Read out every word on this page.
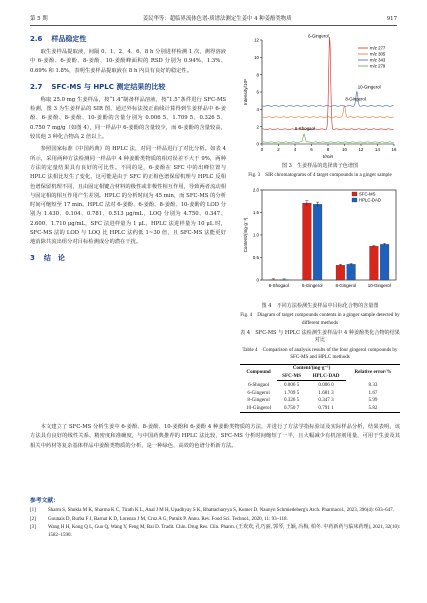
第 5 期	姜民华等：超临界流体色谱-质谱法测定生姜中 4 种姜酚类物质	917
2.6 样品稳定性

取生姜样品提取液，间隔 0、1、2、4、6、8 h 分别进样检测 1 次，测得溶液中 6-姜酚、6-姜酚、8-姜酚、10-姜酚峰面积的 RSD 分别为 0.94%、1.3%、0.69% 和 1.8%，表明生姜样品提取液在 8 h 内具有良好的稳定性。

2.7 SFC-MS 与 HPLC 测定结果的比较

称取 25.0 mg 生姜样品，按“1.4”制备样品溶液，按“1.5”条件进行 SFC-MS 检测，图 3 为生姜样品的 SIR 图，通过外标法按正曲线计算得到生姜样品中 6-姜酚、6-姜酚、8-姜酚、10-姜酚的含量分别为 0.006 5、1.709 5、0.326 5、0.750 7 mg/g（如图 4），同一样品中 6-姜酚的含量较少，而 6-姜酚的含量较高，较其他 3 种化合物高 2 倍以上。

参照国家标准《中国药典》的 HPLC 法，对同一样品进行了对比分析。如表 4 所示，采用两种方法检测同一样品中 4 种姜酚类物质的相对误差不大于 9%，两种方法的定量结果具有良好的可比性。不同的是，6-姜酚在 SFC 中的出峰位置与 HPLC 法相比发生了变化，这可能是由于 SFC 的正相色谱保留机理与 HPLC 反相色谱保留机理不同，且由固定相键合材料的极性或非极性相互作用，导致两者流动相与固定相的相互作用产生差别。HPLC 的分析时间为 45 min，而 SFC-MS 的分析时间可缩短至 17 min。HPLC 法对 6-姜酚、6-姜酚、8-姜酚、10-姜酚的 LOD 分别为 1.430、0.104、0.781、0.513 μg/mL，LOQ 分别为 4.750、0.347、2.600、1.710 μg/mL，SFC 法进样量为 1 μL，HPLC 法进样量为 10 μL 时，SFC-MS 法的 LOD 与 LOQ 比 HPLC 法约低 1~30 倍，且 SFC-MS 法能更好地消除共流出组分对目标检测成分的潜在干扰。

3 结　论
0
2
4
6
8
10
12
0	2	4	6	8	10	12	14	16
t/min
Intensity/10⁶
6-Gingerol
8-Gingerol
10-Gingerol
6-Shogaol
m/z 277
m/z 305
m/z 343
m/z 279
图 3　生姜样品的选择离子色谱图
Fig. 3　SIR chromatograms of 4 target compounds in a ginger sample
0
0.5
1.0
1.5
2.0
Content/(mg·g⁻¹)
6-Shogaol	6-Gingerol	8-Gingerol	10-Gingerol
SFC-MS
HPLC-DAD
图 4　不同方法检测生姜样品中目标化合物的含量图
Fig. 4　Diagram of target compounds contents in a ginger sample detected by different methods
表 4　SFC-MS 与 HPLC 法检测生姜样品中 4 种姜酚类化合物的结果对比
Table 4　Comparison of analysis results of the four gingerol compounds by SFC-MS and HPLC methods
Compound	Content/(mg·g⁻¹)		Relative error/%
	SFC-MS	HPLC-DAD	
6-Shogaol	0.006 5	0.006 0	8.33
6-Gingerol	1.709 5	1.681 3	1.67
8-Gingerol	0.326 5	0.347 3	5.99
10-Gingerol	0.750 7	0.791 1	5.82

本文建立了 SFC-MS 分析生姜中 6-姜酚、8-姜酚、10-姜酚和 6-姜酚 4 种姜酚类物质的方法，并进行了方法学指标验证及实际样品分析，结果表明，该方法具有良好的线性关系、精密度和准确度，与中国药典推荐的 HPLC 法比较，SFC-MS 分析时间缩短了一半，且大幅减少有机溶剂用量，可用于生姜及其相关中药材等复杂基体样品中姜酚类物质的分析，是一种绿色、高效的色谱分析新方法。

参考文献：
[1]	Sharm S, Shukla M K, Sharma K C, Tirath K L, Anal J M H, Upadhyay S K, Bhattacharyya S, Kumer D. Naunyn Schmiedeberg's Arch. Pharmacol., 2023, 396(4): 633–647.
[2]	Gounais D, Burba F J, Barnat K D, Lorenzo J M, Cruz A G, Putnik P. Annu. Rev. Food Sci. Technol., 2020, 11: 93–118.
[3]	Wang H H, Kong Q L, Guo Q, Wang Y, Feng M, Bai D. Tradit. Chin. Drug Res. Clin. Pharm. (王欢欢, 孔巧丽, 郭琴, 王颖, 冯梅, 柏冬. 中药新药与临床药理), 2021, 32(10): 1582–1590.
